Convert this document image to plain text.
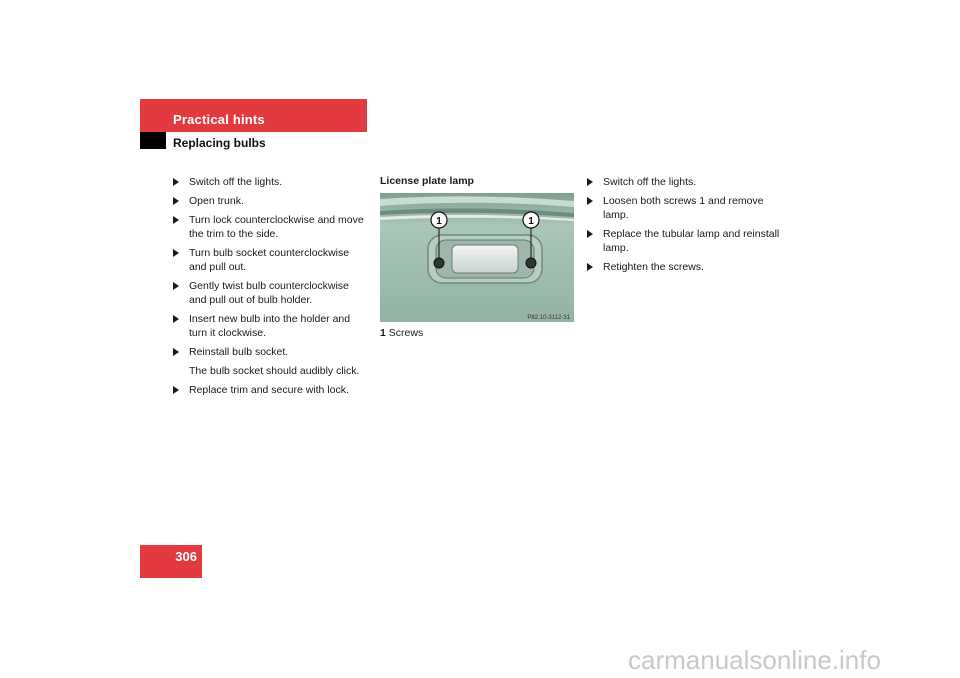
Practical hints
Replacing bulbs
Switch off the lights.
Open trunk.
Turn lock counterclockwise and move the trim to the side.
Turn bulb socket counterclockwise and pull out.
Gently twist bulb counterclockwise and pull out of bulb holder.
Insert new bulb into the holder and turn it clockwise.
Reinstall bulb socket.
The bulb socket should audibly click.
Replace trim and secure with lock.
License plate lamp
1	1
P82.10-3112-31
1 Screws
Switch off the lights.
Loosen both screws 1 and remove lamp.
Replace the tubular lamp and reinstall lamp.
Retighten the screws.
306
carmanualsonline.info
